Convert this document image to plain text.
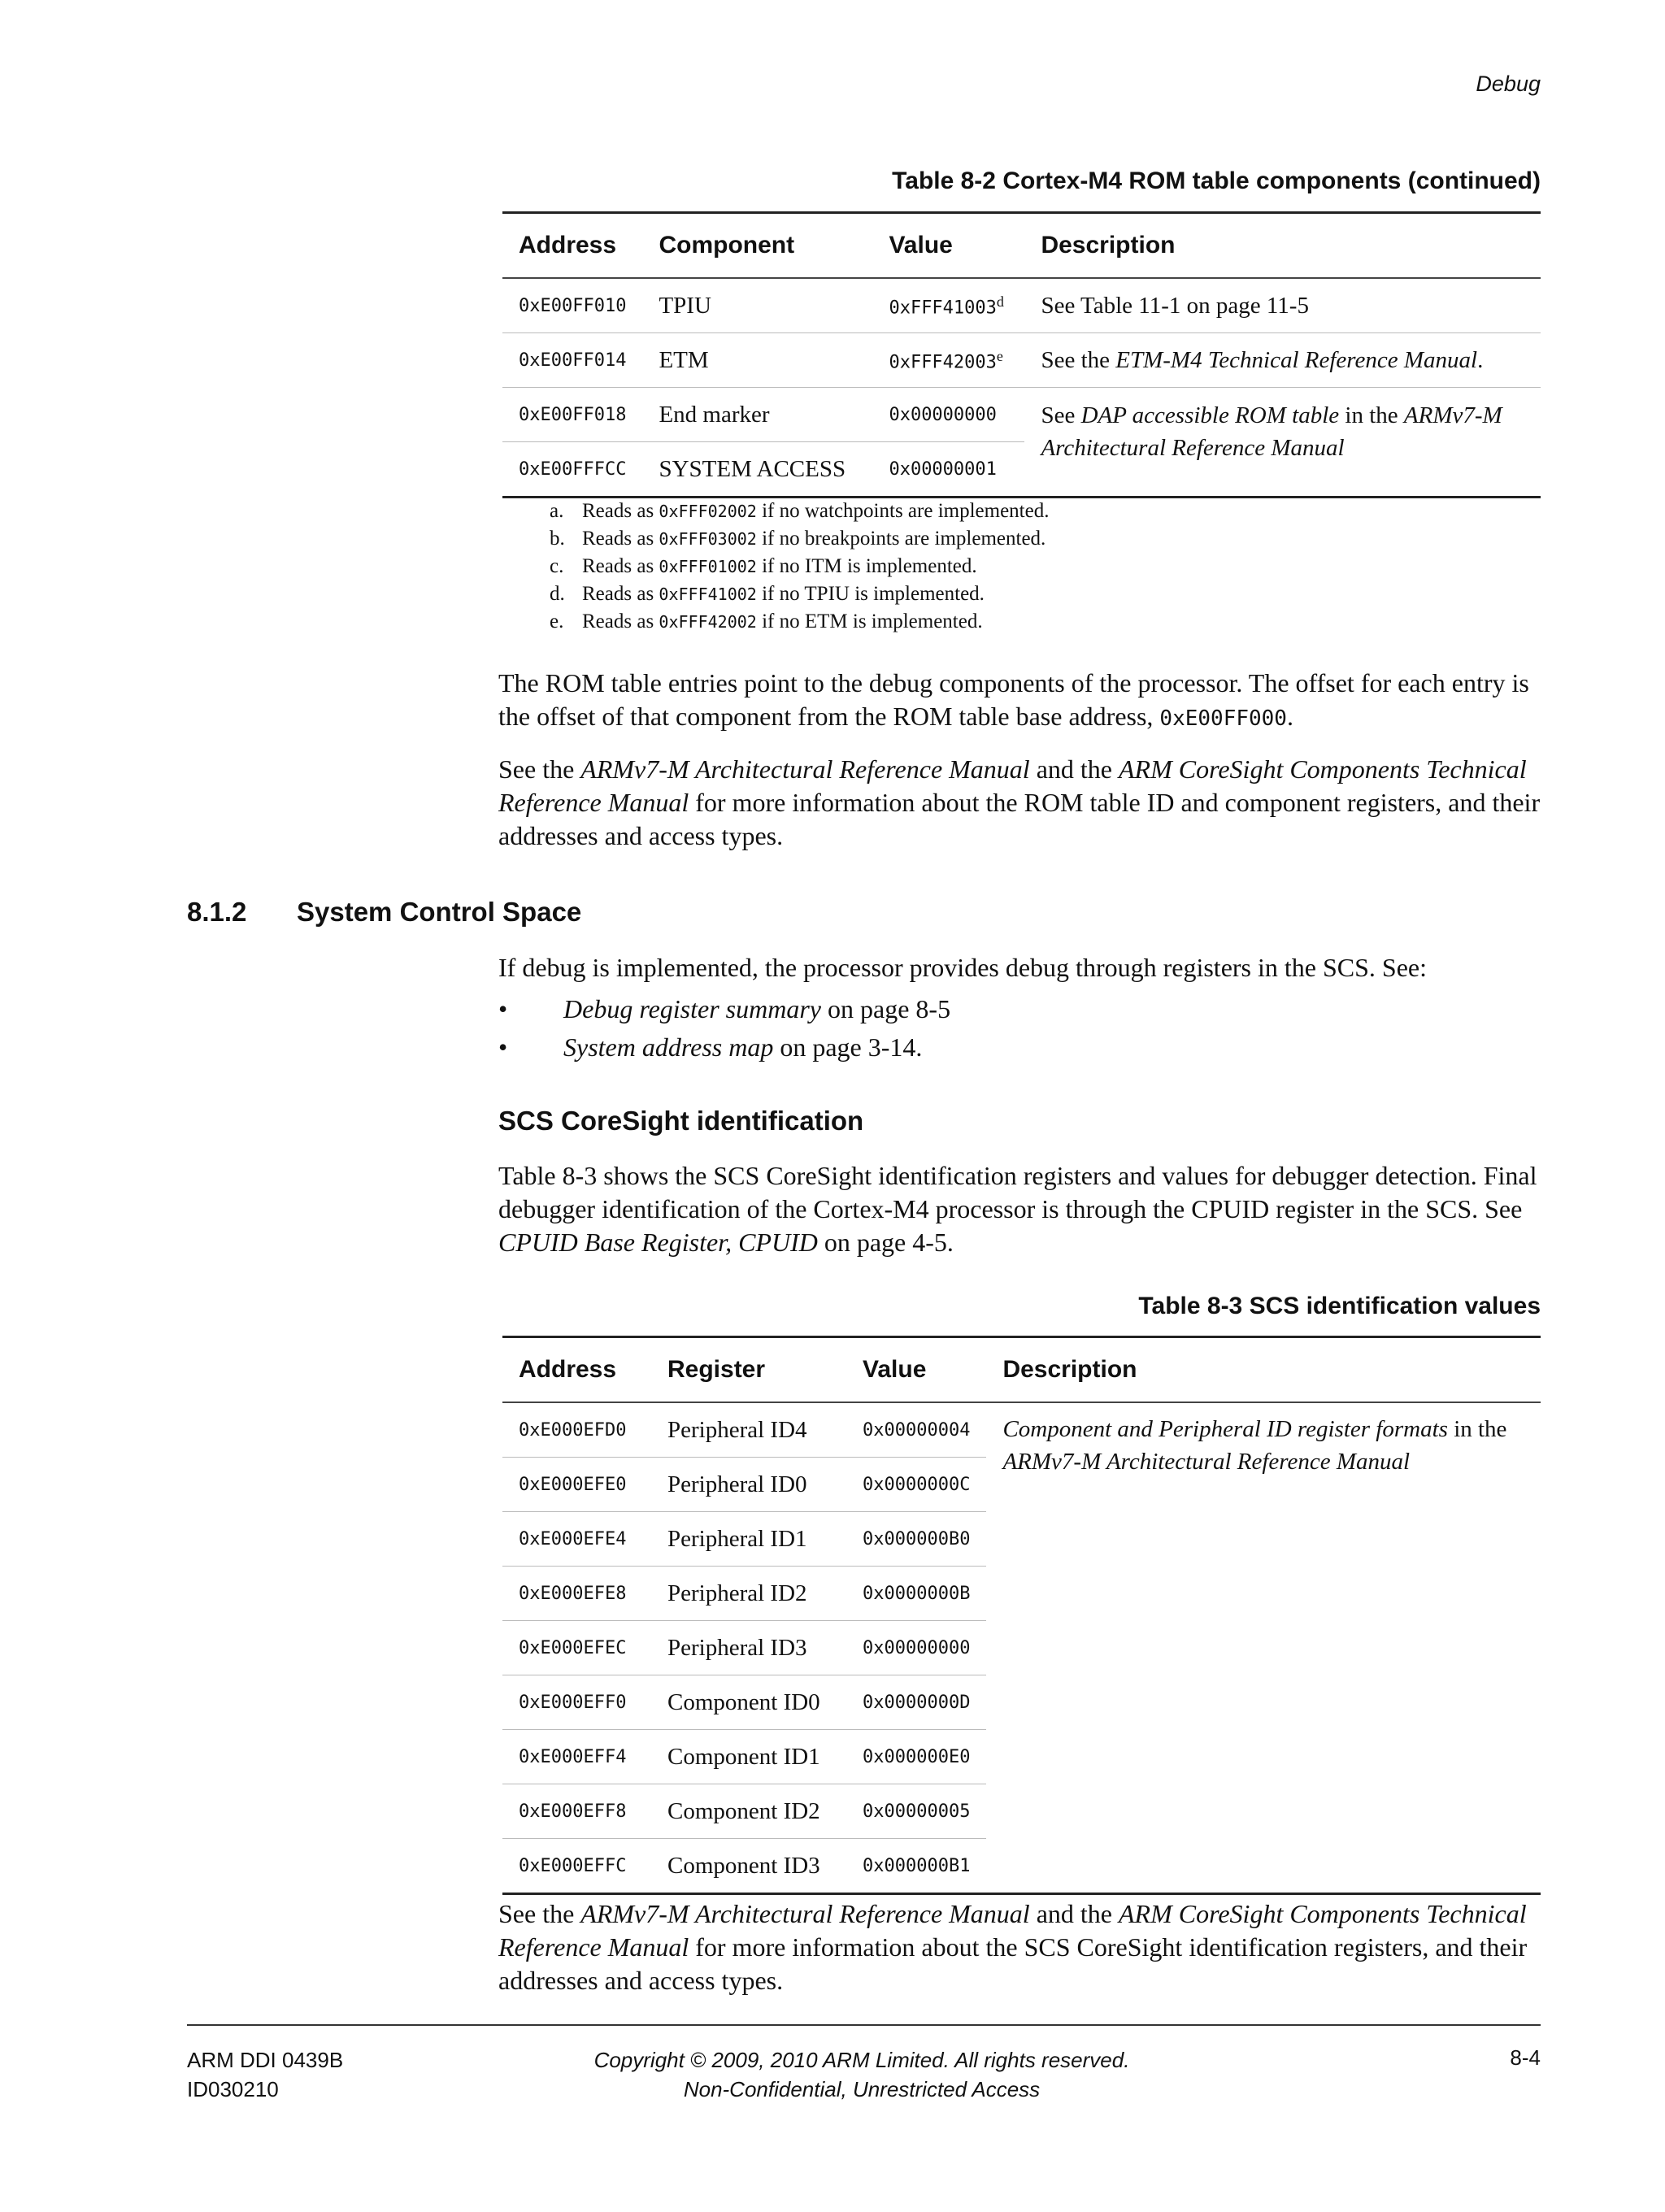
Debug
Table 8-2 Cortex-M4 ROM table components (continued)
Address	Component	Value	Description
0xE00FF010	TPIU	0xFFF41003$^d$	See Table 11-1 on page 11-5
0xE00FF014	ETM	0xFFF42003e	See the ETM-M4 Technical Reference Manual.
0xE00FF018	End marker	0x00000000	See DAP accessible ROM table in the ARMv7-M Architectural Reference Manual
0xE00FFFCC	SYSTEM ACCESS	0x00000001	
a. Reads as 0xFFF02002 if no watchpoints are implemented.
b. Reads as 0xFFF03002 if no breakpoints are implemented.
c. Reads as 0xFFF01002 if no ITM is implemented.
d. Reads as 0xFFF41002 if no TPIU is implemented.
e. Reads as 0xFFF42002 if no ETM is implemented.
The ROM table entries point to the debug components of the processor. The offset for each entry is the offset of that component from the ROM table base address, 0xE00FF000.
See the ARMv7-M Architectural Reference Manual and the ARM CoreSight Components Technical Reference Manual for more information about the ROM table ID and component registers, and their addresses and access types.
8.1.2 System Control Space
If debug is implemented, the processor provides debug through registers in the SCS. See:
•	Debug register summary on page 8-5
•	System address map on page 3-14.
SCS CoreSight identification
Table 8-3 shows the SCS CoreSight identification registers and values for debugger detection. Final debugger identification of the Cortex-M4 processor is through the CPUID register in the SCS. See CPUID Base Register, CPUID on page 4-5.
Table 8-3 SCS identification values
Address	Register	Value	Description
0xE000EFD0	Peripheral ID4	0x00000004	Component and Peripheral ID register formats in the ARMv7-M Architectural Reference Manual
0xE000EFE0	Peripheral ID0	0x0000000C	
0xE000EFE4	Peripheral ID1	0x000000B0	
0xE000EFE8	Peripheral ID2	0x0000000B	
0xE000EFEC	Peripheral ID3	0x00000000	
0xE000EFF0	Component ID0	0x0000000D	
0xE000EFF4	Component ID1	0x000000E0	
0xE000EFF8	Component ID2	0x00000005	
0xE000EFFC	Component ID3	0x000000B1	
See the ARMv7-M Architectural Reference Manual and the ARM CoreSight Components Technical Reference Manual for more information about the SCS CoreSight identification registers, and their addresses and access types.
ARM DDI 0439B
ID030210
Copyright © 2009, 2010 ARM Limited. All rights reserved.
Non-Confidential, Unrestricted Access
8-4
